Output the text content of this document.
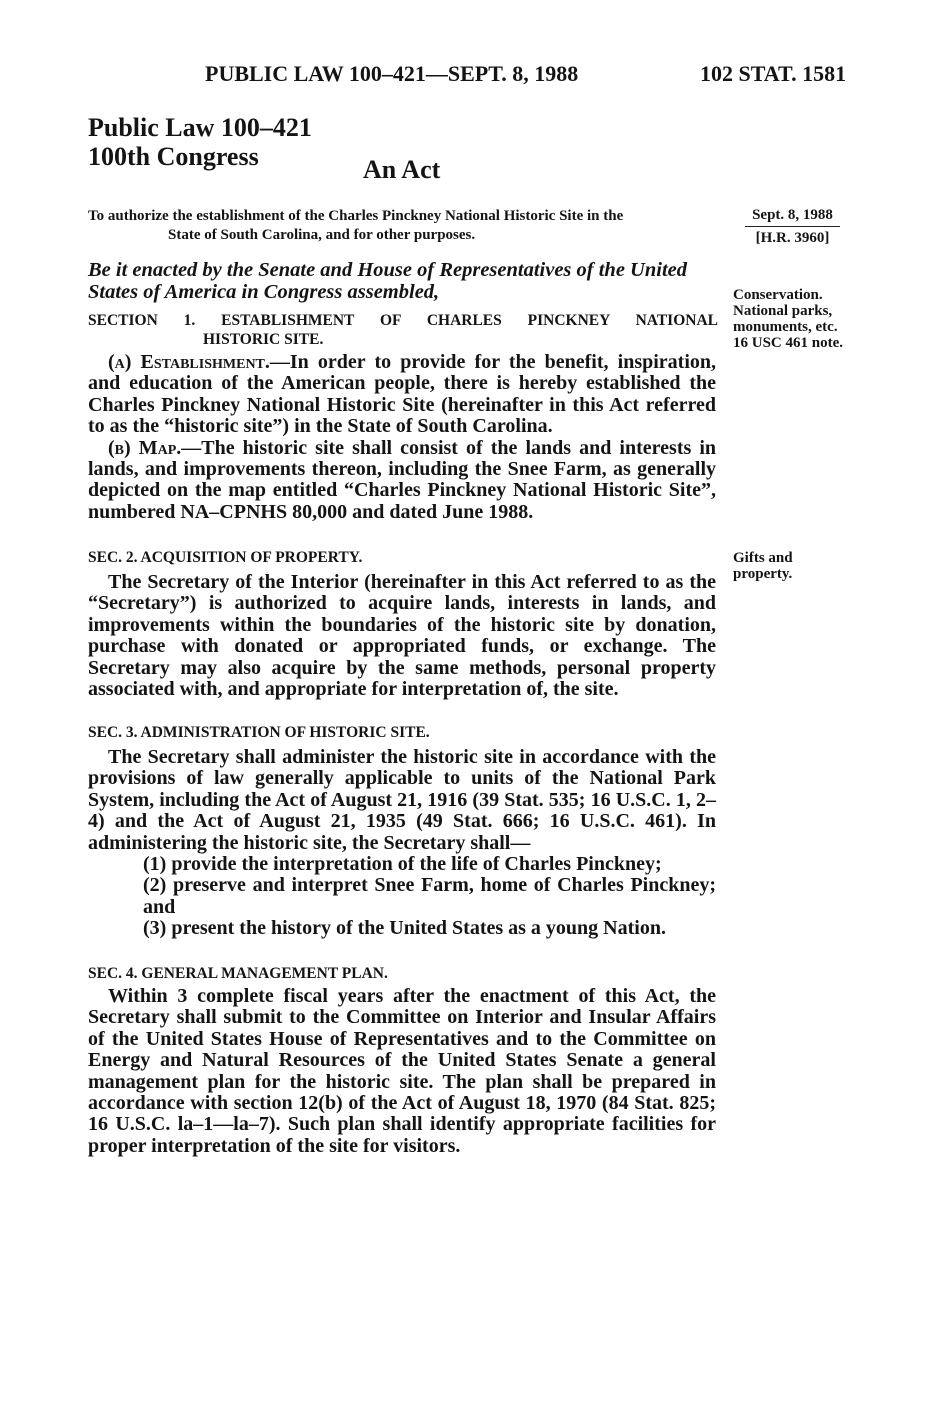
PUBLIC LAW 100–421—SEPT. 8, 1988	102 STAT. 1581
Public Law 100–421
100th Congress	An Act
To authorize the establishment of the Charles Pinckney National Historic Site in the
State of South Carolina, and for other purposes.
Sept. 8, 1988
[H.R. 3960]
Be it enacted by the Senate and House of Representatives of the United States of America in Congress assembled,	Conservation.
National parks,
monuments, etc.
16 USC 461 note.
SECTION 1. ESTABLISHMENT OF CHARLES PINCKNEY NATIONAL
HISTORIC SITE.

(a) Establishment.—In order to provide for the benefit, inspiration, and education of the American people, there is hereby established the Charles Pinckney National Historic Site (hereinafter in this Act referred to as the “historic site”) in the State of South Carolina.

(b) Map.—The historic site shall consist of the lands and interests in lands, and improvements thereon, including the Snee Farm, as generally depicted on the map entitled “Charles Pinckney National Historic Site”, numbered NA–CPNHS 80,000 and dated June 1988.

SEC. 2. ACQUISITION OF PROPERTY.	Gifts and
property.

The Secretary of the Interior (hereinafter in this Act referred to as the “Secretary”) is authorized to acquire lands, interests in lands, and improvements within the boundaries of the historic site by donation, purchase with donated or appropriated funds, or exchange. The Secretary may also acquire by the same methods, personal property associated with, and appropriate for interpretation of, the site.

SEC. 3. ADMINISTRATION OF HISTORIC SITE.

The Secretary shall administer the historic site in accordance with the provisions of law generally applicable to units of the National Park System, including the Act of August 21, 1916 (39 Stat. 535; 16 U.S.C. 1, 2–4) and the Act of August 21, 1935 (49 Stat. 666; 16 U.S.C. 461). In administering the historic site, the Secretary shall—

(1) provide the interpretation of the life of Charles Pinckney;

(2) preserve and interpret Snee Farm, home of Charles Pinckney; and

(3) present the history of the United States as a young Nation.

SEC. 4. GENERAL MANAGEMENT PLAN.

Within 3 complete fiscal years after the enactment of this Act, the Secretary shall submit to the Committee on Interior and Insular Affairs of the United States House of Representatives and to the Committee on Energy and Natural Resources of the United States Senate a general management plan for the historic site. The plan shall be prepared in accordance with section 12(b) of the Act of August 18, 1970 (84 Stat. 825; 16 U.S.C. la–1—la–7). Such plan shall identify appropriate facilities for proper interpretation of the site for visitors.
